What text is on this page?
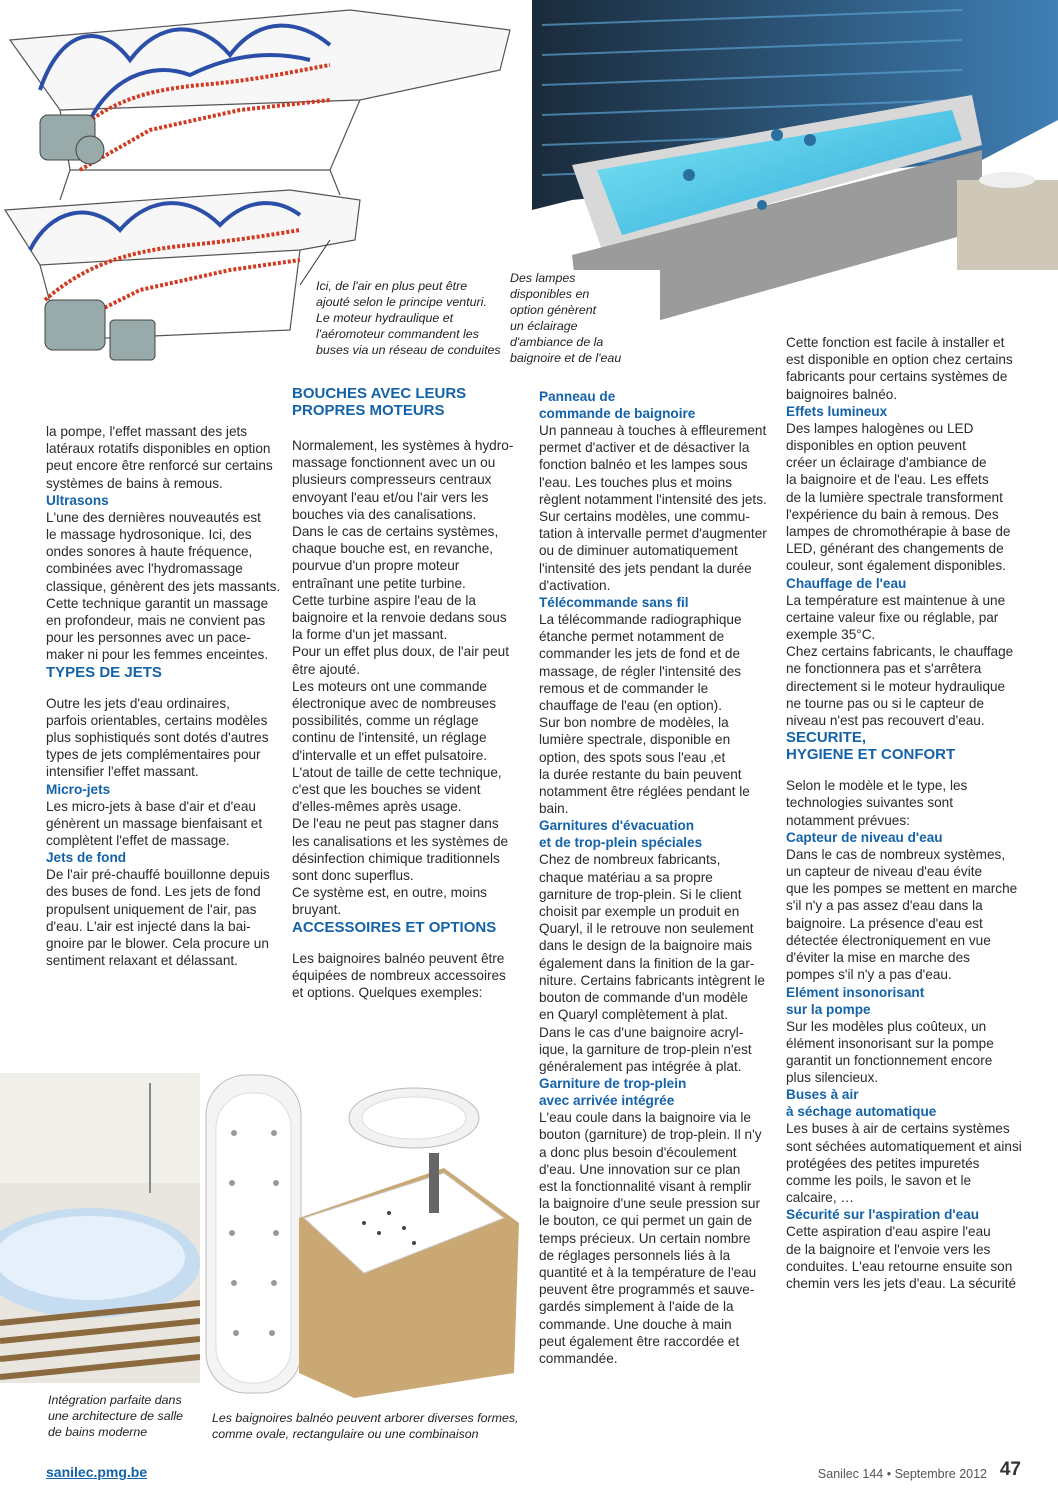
Ici, de l'air en plus peut être
ajouté selon le principe venturi.
Le moteur hydraulique et
l'aéromoteur commandent les
buses via un réseau de conduites
Des lampes
disponibles en
option génèrent
un éclairage
d'ambiance de la
baignoire et de l'eau

la pompe, l'effet massant des jets

latéraux rotatifs disponibles en option

peut encore être renforcé sur certains

systèmes de bains à remous.

Ultrasons

L'une des dernières nouveautés est

le massage hydrosonique. Ici, des

ondes sonores à haute fréquence,

combinées avec l'hydromassage

classique, génèrent des jets massants.

Cette technique garantit un massage

en profondeur, mais ne convient pas

pour les personnes avec un pace-

maker ni pour les femmes enceintes.

TYPES DE JETS

Outre les jets d'eau ordinaires,

parfois orientables, certains modèles

plus sophistiqués sont dotés d'autres

types de jets complémentaires pour

intensifier l'effet massant.

Micro-jets

Les micro-jets à base d'air et d'eau

génèrent un massage bienfaisant et

complètent l'effet de massage.

Jets de fond

De l'air pré-chauffé bouillonne depuis

des buses de fond. Les jets de fond

propulsent uniquement de l'air, pas

d'eau. L'air est injecté dans la bai-

gnoire par le blower. Cela procure un

sentiment relaxant et délassant.

BOUCHES AVEC LEURS
PROPRES MOTEURS

Normalement, les systèmes à hydro-

massage fonctionnent avec un ou

plusieurs compresseurs centraux

envoyant l'eau et/ou l'air vers les

bouches via des canalisations.

Dans le cas de certains systèmes,

chaque bouche est, en revanche,

pourvue d'un propre moteur

entraînant une petite turbine.

Cette turbine aspire l'eau de la

baignoire et la renvoie dedans sous

la forme d'un jet massant.

Pour un effet plus doux, de l'air peut

être ajouté.

Les moteurs ont une commande

électronique avec de nombreuses

possibilités, comme un réglage

continu de l'intensité, un réglage

d'intervalle et un effet pulsatoire.

L'atout de taille de cette technique,

c'est que les bouches se vident

d'elles-mêmes après usage.

De l'eau ne peut pas stagner dans

les canalisations et les systèmes de

désinfection chimique traditionnels

sont donc superflus.

Ce système est, en outre, moins

bruyant.

ACCESSOIRES ET OPTIONS

Les baignoires balnéo peuvent être

équipées de nombreux accessoires

et options. Quelques exemples:

Panneau de
commande de baignoire

Un panneau à touches à effleurement

permet d'activer et de désactiver la

fonction balnéo et les lampes sous

l'eau. Les touches plus et moins

règlent notamment l'intensité des jets.

Sur certains modèles, une commu-

tation à intervalle permet d'augmenter

ou de diminuer automatiquement

l'intensité des jets pendant la durée

d'activation.

Télécommande sans fil

La télécommande radiographique

étanche permet notamment de

commander les jets de fond et de

massage, de régler l'intensité des

remous et de commander le

chauffage de l'eau (en option).

Sur bon nombre de modèles, la

lumière spectrale, disponible en

option, des spots sous l'eau ,et

la durée restante du bain peuvent

notamment être réglées pendant le

bain.

Garnitures d'évacuation
et de trop-plein spéciales

Chez de nombreux fabricants,

chaque matériau a sa propre

garniture de trop-plein. Si le client

choisit par exemple un produit en

Quaryl, il le retrouve non seulement

dans le design de la baignoire mais

également dans la finition de la gar-

niture. Certains fabricants intègrent le

bouton de commande d'un modèle

en Quaryl complètement à plat.

Dans le cas d'une baignoire acryl-

ique, la garniture de trop-plein n'est

généralement pas intégrée à plat.

Garniture de trop-plein
avec arrivée intégrée

L'eau coule dans la baignoire via le

bouton (garniture) de trop-plein. Il n'y

a donc plus besoin d'écoulement

d'eau. Une innovation sur ce plan

est la fonctionnalité visant à remplir

la baignoire d'une seule pression sur

le bouton, ce qui permet un gain de

temps précieux. Un certain nombre

de réglages personnels liés à la

quantité et à la température de l'eau

peuvent être programmés et sauve-

gardés simplement à l'aide de la

commande. Une douche à main

peut également être raccordée et

commandée.

Cette fonction est facile à installer et

est disponible en option chez certains

fabricants pour certains systèmes de

baignoires balnéo.

Effets lumineux

Des lampes halogènes ou LED

disponibles en option peuvent

créer un éclairage d'ambiance de

la baignoire et de l'eau. Les effets

de la lumière spectrale transforment

l'expérience du bain à remous. Des

lampes de chromothérapie à base de

LED, générant des changements de

couleur, sont également disponibles.

Chauffage de l'eau

La température est maintenue à une

certaine valeur fixe ou réglable, par

exemple 35°C.

Chez certains fabricants, le chauffage

ne fonctionnera pas et s'arrêtera

directement si le moteur hydraulique

ne tourne pas ou si le capteur de

niveau n'est pas recouvert d'eau.

SECURITE,
HYGIENE ET CONFORT

Selon le modèle et le type, les

technologies suivantes sont

notamment prévues:

Capteur de niveau d'eau

Dans le cas de nombreux systèmes,

un capteur de niveau d'eau évite

que les pompes se mettent en marche

s'il n'y a pas assez d'eau dans la

baignoire. La présence d'eau est

détectée électroniquement en vue

d'éviter la mise en marche des

pompes s'il n'y a pas d'eau.

Elément insonorisant
sur la pompe

Sur les modèles plus coûteux, un

élément insonorisant sur la pompe

garantit un fonctionnement encore

plus silencieux.

Buses à air
à séchage automatique

Les buses à air de certains systèmes

sont séchées automatiquement et ainsi

protégées des petites impuretés

comme les poils, le savon et le

calcaire, …

Sécurité sur l'aspiration d'eau

Cette aspiration d'eau aspire l'eau

de la baignoire et l'envoie vers les

conduites. L'eau retourne ensuite son

chemin vers les jets d'eau. La sécurité

Intégration parfaite dans
une architecture de salle
de bains moderne
Les baignoires balnéo peuvent arborer diverses formes,
comme ovale, rectangulaire ou une combinaison
sanilec.pmg.be	Sanilec 144 • Septembre 2012 47
